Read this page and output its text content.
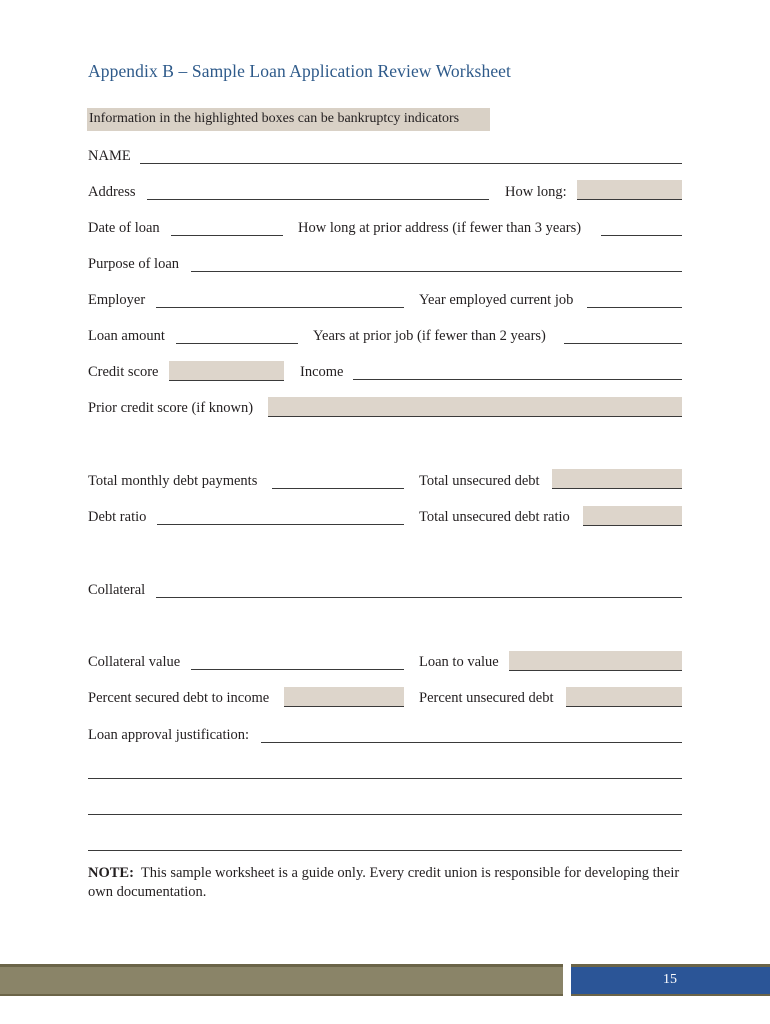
Appendix B – Sample Loan Application Review Worksheet
Information in the highlighted boxes can be bankruptcy indicators
NAME
Address	How long:
Date of loan	How long at prior address (if fewer than 3 years)
Purpose of loan
Employer	Year employed current job
Loan amount	Years at prior job (if fewer than 2 years)
Credit score	Income
Prior credit score (if known)
Total monthly debt payments	Total unsecured debt
Debt ratio	Total unsecured debt ratio
Collateral
Collateral value	Loan to value
Percent secured debt to income	Percent unsecured debt
Loan approval justification:
NOTE: This sample worksheet is a guide only. Every credit union is responsible for developing their own documentation.
15
